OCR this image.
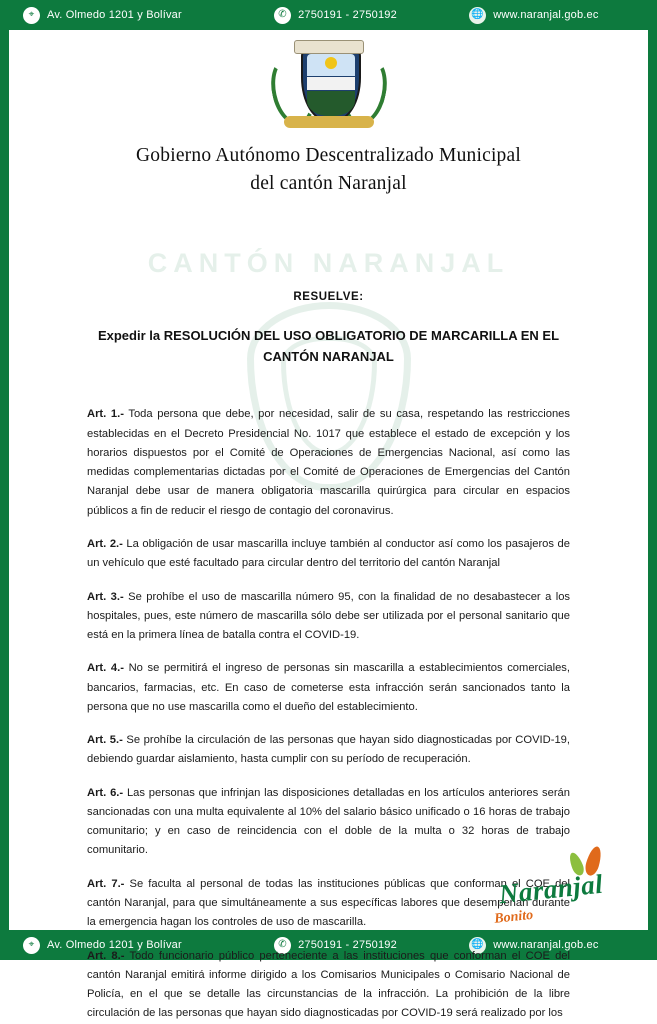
⌖	Av. Olmedo 1201 y Bolívar	✆	2750191 - 2750192	🌐 www.naranjal.gob.ec
CANTÓN NARANJAL
Gobierno Autónomo Descentralizado Municipal
del cantón Naranjal
RESUELVE:
Expedir la RESOLUCIÓN DEL USO OBLIGATORIO DE MARCARILLA EN EL
CANTÓN NARANJAL

Art. 1.- Toda persona que debe, por necesidad, salir de su casa, respetando las restricciones establecidas en el Decreto Presidencial No. 1017 que establece el estado de excepción y los horarios dispuestos por el Comité de Operaciones de Emergencias Nacional, así como las medidas complementarias dictadas por el Comité de Operaciones de Emergencias del Cantón Naranjal debe usar de manera obligatoria mascarilla quirúrgica para circular en espacios públicos a fin de reducir el riesgo de contagio del coronavirus.

Art. 2.- La obligación de usar mascarilla incluye también al conductor así como los pasajeros de un vehículo que esté facultado para circular dentro del territorio del cantón Naranjal

Art. 3.- Se prohíbe el uso de mascarilla número 95, con la finalidad de no desabastecer a los hospitales, pues, este número de mascarilla sólo debe ser utilizada por el personal sanitario que está en la primera línea de batalla contra el COVID-19.

Art. 4.- No se permitirá el ingreso de personas sin mascarilla a establecimientos comerciales, bancarios, farmacias, etc. En caso de cometerse esta infracción serán sancionados tanto la persona que no use mascarilla como el dueño del establecimiento.

Art. 5.- Se prohíbe la circulación de las personas que hayan sido diagnosticadas por COVID-19, debiendo guardar aislamiento, hasta cumplir con su período de recuperación.

Art. 6.- Las personas que infrinjan las disposiciones detalladas en los artículos anteriores serán sancionadas con una multa equivalente al 10% del salario básico unificado o 16 horas de trabajo comunitario; y en caso de reincidencia con el doble de la multa o 32 horas de trabajo comunitario.

Art. 7.- Se faculta al personal de todas las instituciones públicas que conforman el COE del cantón Naranjal, para que simultáneamente a sus específicas labores que desempeñan durante la emergencia hagan los controles de uso de mascarilla.

Art. 8.- Todo funcionario público perteneciente a las instituciones que conforman el COE del cantón Naranjal emitirá informe dirigido a los Comisarios Municipales o Comisario Nacional de Policía, en el que se detalle las circunstancias de la infracción. La prohibición de la libre circulación de las personas que hayan sido diagnosticadas por COVID-19 será realizado por los

Naranjal
Bonito
⌖	Av. Olmedo 1201 y Bolívar	✆	2750191 - 2750192	🌐 www.naranjal.gob.ec
